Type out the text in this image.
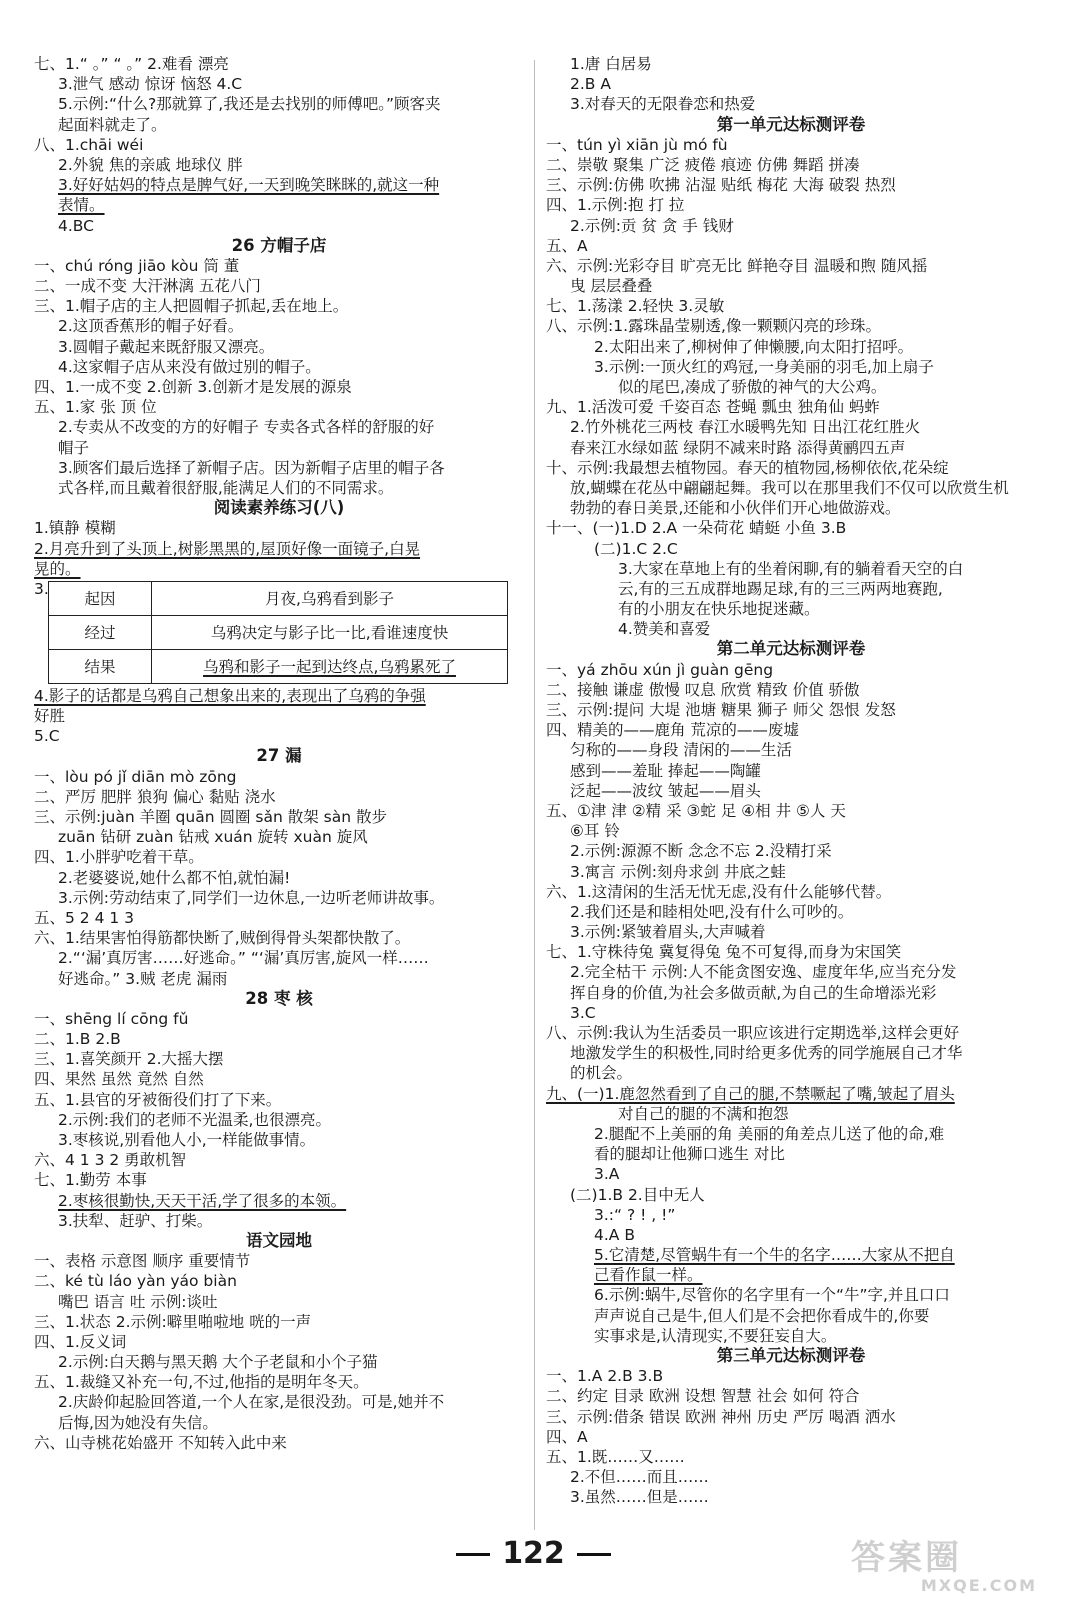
七、1.“ 。” “ 。” 2.难看 漂亮
3.泄气 感动 惊讶 恼怒 4.C
5.示例:“什么?那就算了,我还是去找别的师傅吧。”顾客夹
起面料就走了。
八、1.chāi wéi
2.外貌 焦的亲戚 地球仪 胖
3.好好姑妈的特点是脾气好,一天到晚笑眯眯的,就这一种
表情。
4.BC
26 方帽子店
一、chú róng jiāo kòu 筒 董
二、一成不变 大汗淋漓 五花八门
三、1.帽子店的主人把圆帽子抓起,丢在地上。
2.这顶香蕉形的帽子好看。
3.圆帽子戴起来既舒服又漂亮。
4.这家帽子店从来没有做过别的帽子。
四、1.一成不变 2.创新 3.创新才是发展的源泉
五、1.家 张 顶 位
2.专卖从不改变的方的好帽子 专卖各式各样的舒服的好
帽子
3.顾客们最后选择了新帽子店。因为新帽子店里的帽子各
式各样,而且戴着很舒服,能满足人们的不同需求。
阅读素养练习(八)
1.镇静 模糊
2.月亮升到了头顶上,树影黑黑的,屋顶好像一面镜子,白晃
晃的。
3.
起因	月夜,乌鸦看到影子
经过	乌鸦决定与影子比一比,看谁速度快
结果	乌鸦和影子一起到达终点,乌鸦累死了
4.影子的话都是乌鸦自己想象出来的,表现出了乌鸦的争强
好胜
5.C
27 漏
一、lòu pó jǐ diān mò zōng
二、严厉 肥胖 狼狗 偏心 黏贴 浇水
三、示例:juàn 羊圈 quān 圆圈 sǎn 散架 sàn 散步
zuān 钻研 zuàn 钻戒 xuán 旋转 xuàn 旋风
四、1.小胖驴吃着干草。
2.老婆婆说,她什么都不怕,就怕漏!
3.示例:劳动结束了,同学们一边休息,一边听老师讲故事。
五、5 2 4 1 3
六、1.结果害怕得筋都快断了,贼倒得骨头架都快散了。
2.“‘漏’真厉害……好逃命。” “‘漏’真厉害,旋风一样……
好逃命。” 3.贼 老虎 漏雨
28 枣 核
一、shēng lí cōng fǔ
二、1.B 2.B
三、1.喜笑颜开 2.大摇大摆
四、果然 虽然 竟然 自然
五、1.县官的牙被衙役们打了下来。
2.示例:我们的老师不光温柔,也很漂亮。
3.枣核说,别看他人小,一样能做事情。
六、4 1 3 2 勇敢机智
七、1.勤劳 本事
2.枣核很勤快,天天干活,学了很多的本领。
3.扶犁、赶驴、打柴。
语文园地
一、表格 示意图 顺序 重要情节
二、ké tù láo yàn yáo biàn
嘴巴 语言 吐 示例:谈吐
三、1.状态 2.示例:噼里啪啦地 咣的一声
四、1.反义词
2.示例:白天鹅与黑天鹅 大个子老鼠和小个子猫
五、1.裁缝又补充一句,不过,他指的是明年冬天。
2.庆龄仰起脸回答道,一个人在家,是很没劲。可是,她并不
后悔,因为她没有失信。
六、山寺桃花始盛开 不知转入此中来
1.唐 白居易
2.B A
3.对春天的无限眷恋和热爱
第一单元达标测评卷
一、tún yì xiān jù mó fù
二、崇敬 聚集 广泛 疲倦 痕迹 仿佛 舞蹈 拼凑
三、示例:仿佛 吹拂 沾湿 贴纸 梅花 大海 破裂 热烈
四、1.示例:抱 打 拉
2.示例:贡 贫 贪 手 钱财
五、A
六、示例:光彩夺目 旷亮无比 鲜艳夺目 温暖和煦 随风摇
曳 层层叠叠
七、1.荡漾 2.轻快 3.灵敏
八、示例:1.露珠晶莹剔透,像一颗颗闪亮的珍珠。
2.太阳出来了,柳树伸了伸懒腰,向太阳打招呼。
3.示例:一顶火红的鸡冠,一身美丽的羽毛,加上扇子
似的尾巴,凑成了骄傲的神气的大公鸡。
九、1.活泼可爱 千姿百态 苍蝇 瓢虫 独角仙 蚂蚱
2.竹外桃花三两枝 春江水暖鸭先知 日出江花红胜火
春来江水绿如蓝 绿阴不减来时路 添得黄鹂四五声
十、示例:我最想去植物园。春天的植物园,杨柳依依,花朵绽
放,蝴蝶在花丛中翩翩起舞。我可以在那里我们不仅可以欣赏生机
勃勃的春日美景,还能和小伙伴们开心地做游戏。
十一、(一)1.D 2.A 一朵荷花 蜻蜓 小鱼 3.B
(二)1.C 2.C
3.大家在草地上有的坐着闲聊,有的躺着看天空的白
云,有的三五成群地踢足球,有的三三两两地赛跑,
有的小朋友在快乐地捉迷藏。
4.赞美和喜爱
第二单元达标测评卷
一、yá zhōu xún jì guàn gēng
二、接触 谦虚 傲慢 叹息 欣赏 精致 价值 骄傲
三、示例:提问 大堤 池塘 糖果 狮子 师父 怨恨 发怒
四、精美的——鹿角 荒凉的——废墟
匀称的——身段 清闲的——生活
感到——羞耻 捧起——陶罐
泛起——波纹 皱起——眉头
五、①津 津 ②精 采 ③蛇 足 ④相 井 ⑤人 天
⑥耳 铃
2.示例:源源不断 念念不忘 2.没精打采
3.寓言 示例:刻舟求剑 井底之蛙
六、1.这清闲的生活无忧无虑,没有什么能够代替。
2.我们还是和睦相处吧,没有什么可吵的。
3.示例:紧皱着眉头,大声喊着
七、1.守株待兔 冀复得兔 兔不可复得,而身为宋国笑
2.完全枯干 示例:人不能贪图安逸、虚度年华,应当充分发
挥自身的价值,为社会多做贡献,为自己的生命增添光彩
3.C
八、示例:我认为生活委员一职应该进行定期选举,这样会更好
地激发学生的积极性,同时给更多优秀的同学施展自己才华
的机会。
九、(一)1.鹿忽然看到了自己的腿,不禁噘起了嘴,皱起了眉头
对自己的腿的不满和抱怨
2.腿配不上美丽的角 美丽的角差点儿送了他的命,难
看的腿却让他狮口逃生 对比
3.A
(二)1.B 2.目中无人
3.:“ ? ! , !”
4.A B
5.它清楚,尽管蜗牛有一个牛的名字……大家从不把自
己看作鼠一样。
6.示例:蜗牛,尽管你的名字里有一个“牛”字,并且口口
声声说自己是牛,但人们是不会把你看成牛的,你要
实事求是,认清现实,不要狂妄自大。
第三单元达标测评卷
一、1.A 2.B 3.B
二、约定 目录 欧洲 设想 智慧 社会 如何 符合
三、示例:借条 错误 欧洲 神州 历史 严厉 喝酒 洒水
四、A
五、1.既……又……
2.不但……而且……
3.虽然……但是……
122	答案圈
MXQE.COM
